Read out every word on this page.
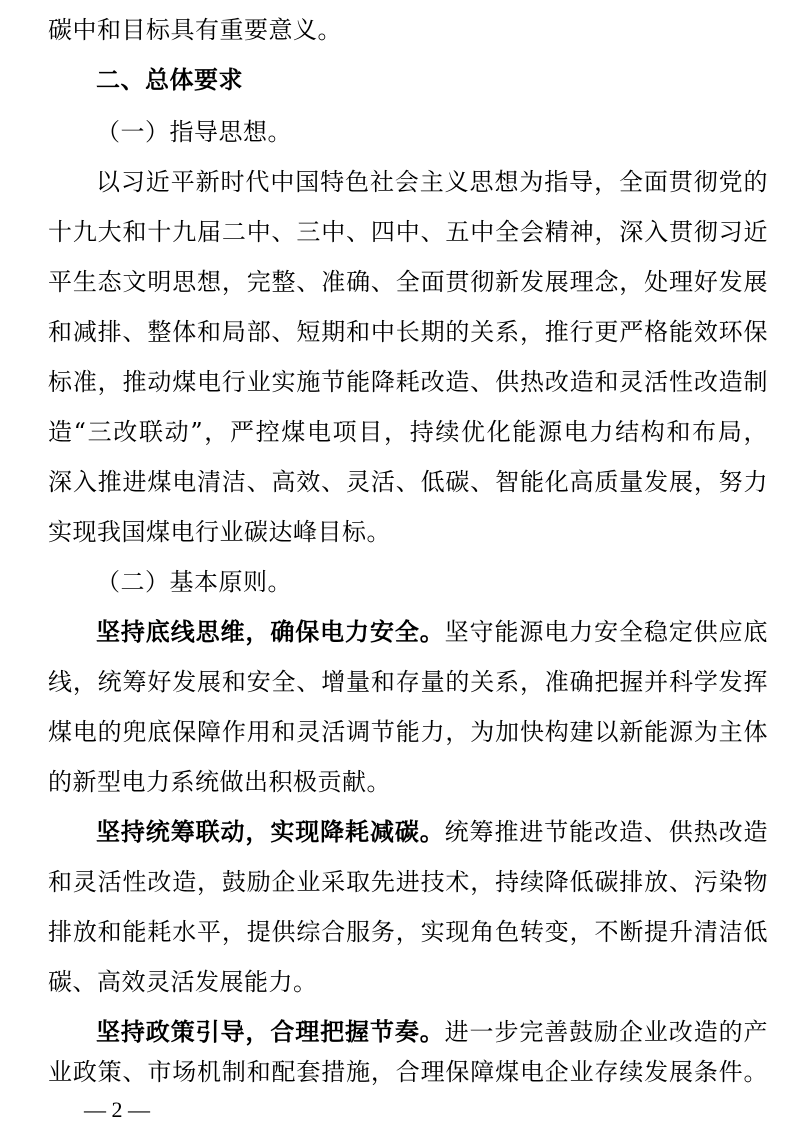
碳中和目标具有重要意义。
二、总体要求
（一）指导思想。
以习近平新时代中国特色社会主义思想为指导，全面贯彻党的
十九大和十九届二中、三中、四中、五中全会精神，深入贯彻习近
平生态文明思想，完整、准确、全面贯彻新发展理念，处理好发展
和减排、整体和局部、短期和中长期的关系，推行更严格能效环保
标准，推动煤电行业实施节能降耗改造、供热改造和灵活性改造制
造“三改联动”，严控煤电项目，持续优化能源电力结构和布局，
深入推进煤电清洁、高效、灵活、低碳、智能化高质量发展，努力
实现我国煤电行业碳达峰目标。
（二）基本原则。
坚持底线思维，确保电力安全。坚守能源电力安全稳定供应底
线，统筹好发展和安全、增量和存量的关系，准确把握并科学发挥
煤电的兜底保障作用和灵活调节能力，为加快构建以新能源为主体
的新型电力系统做出积极贡献。
坚持统筹联动，实现降耗减碳。统筹推进节能改造、供热改造
和灵活性改造，鼓励企业采取先进技术，持续降低碳排放、污染物
排放和能耗水平，提供综合服务，实现角色转变，不断提升清洁低
碳、高效灵活发展能力。
坚持政策引导，合理把握节奏。进一步完善鼓励企业改造的产
业政策、市场机制和配套措施，合理保障煤电企业存续发展条件。
— 2 —
